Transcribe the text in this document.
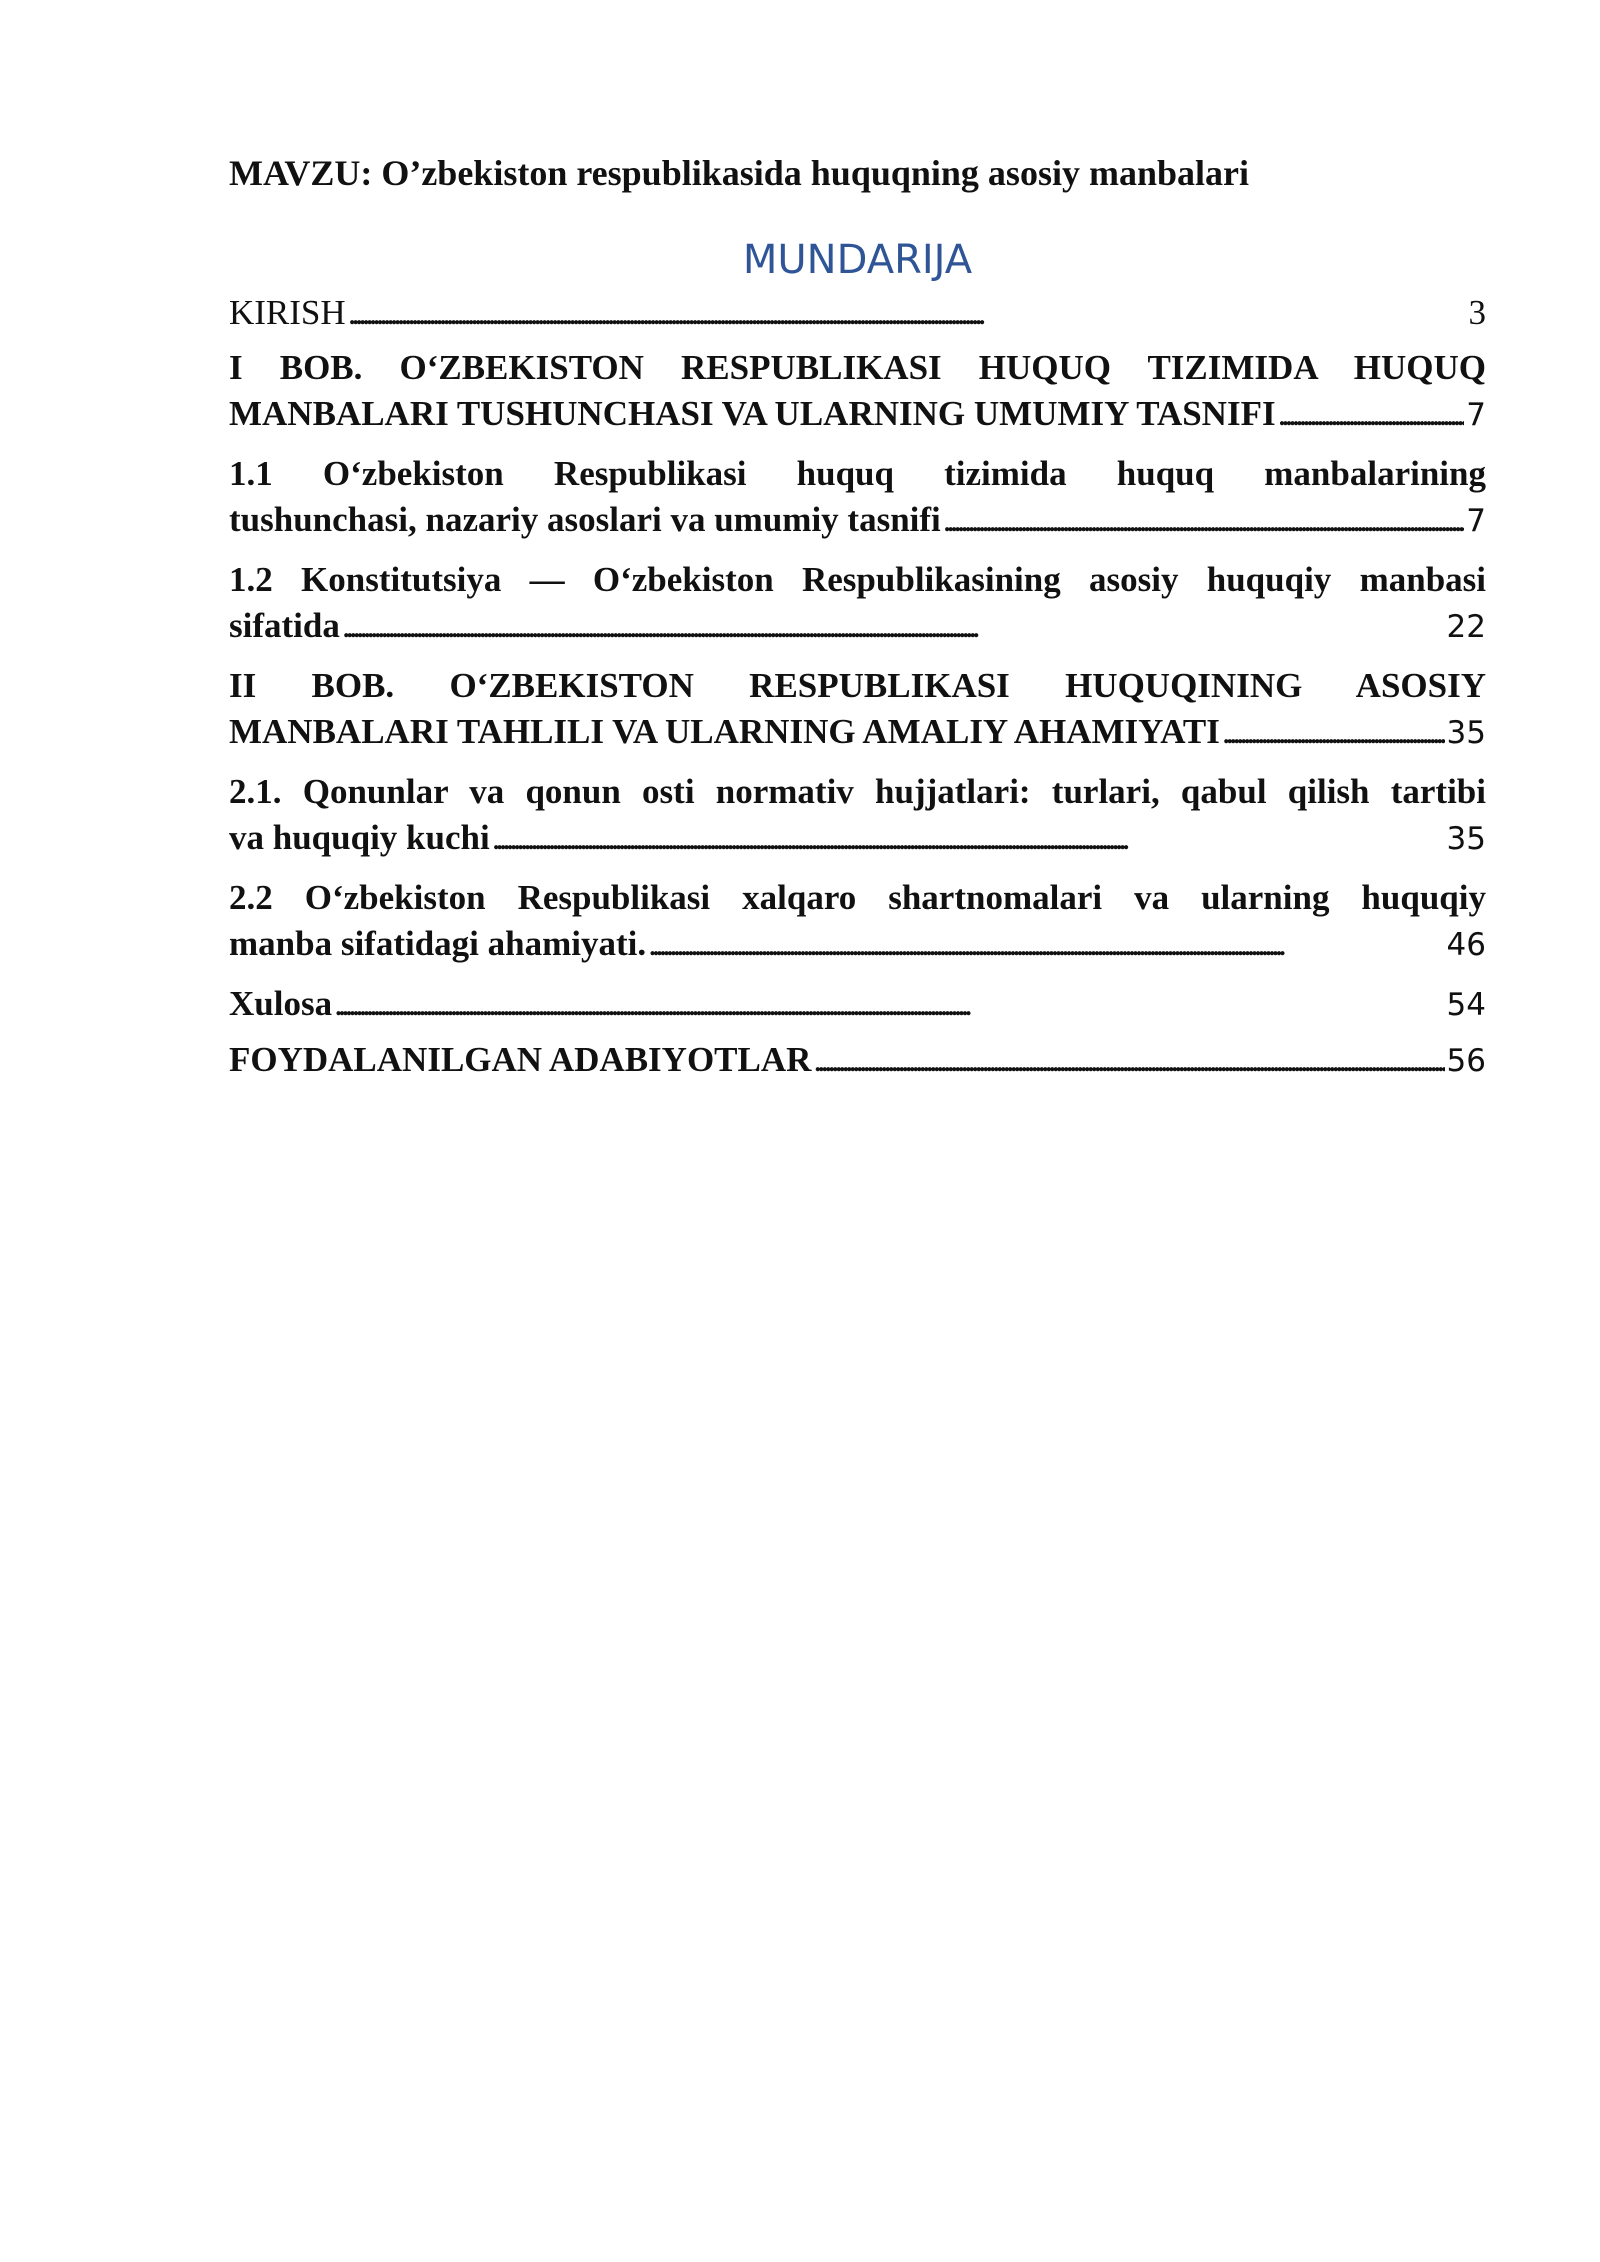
MAVZU: O’zbekiston respublikasida huquqning asosiy manbalari
MUNDARIJA
KIRISH . . .	3
I BOB. O‘ZBEKISTON RESPUBLIKASI HUQUQ TIZIMIDA HUQUQ
MANBALARI TUSHUNCHASI VA ULARNING UMUMIY TASNIFI . . .	7
1.1 O‘zbekiston Respublikasi huquq tizimida huquq manbalarining
tushunchasi, nazariy asoslari va umumiy tasnifi . . .	7
1.2 Konstitutsiya — O‘zbekiston Respublikasining asosiy huquqiy manbasi
sifatida . . .	22
II BOB. O‘ZBEKISTON RESPUBLIKASI HUQUQINING ASOSIY
MANBALARI TAHLILI VA ULARNING AMALIY AHAMIYATI . . .	35
2.1. Qonunlar va qonun osti normativ hujjatlari: turlari, qabul qilish tartibi
va huquqiy kuchi . . .	35
2.2 O‘zbekiston Respublikasi xalqaro shartnomalari va ularning huquqiy
manba sifatidagi ahamiyati. . . .	46
Xulosa . . .	54
FOYDALANILGAN ADABIYOTLAR . . .	56
